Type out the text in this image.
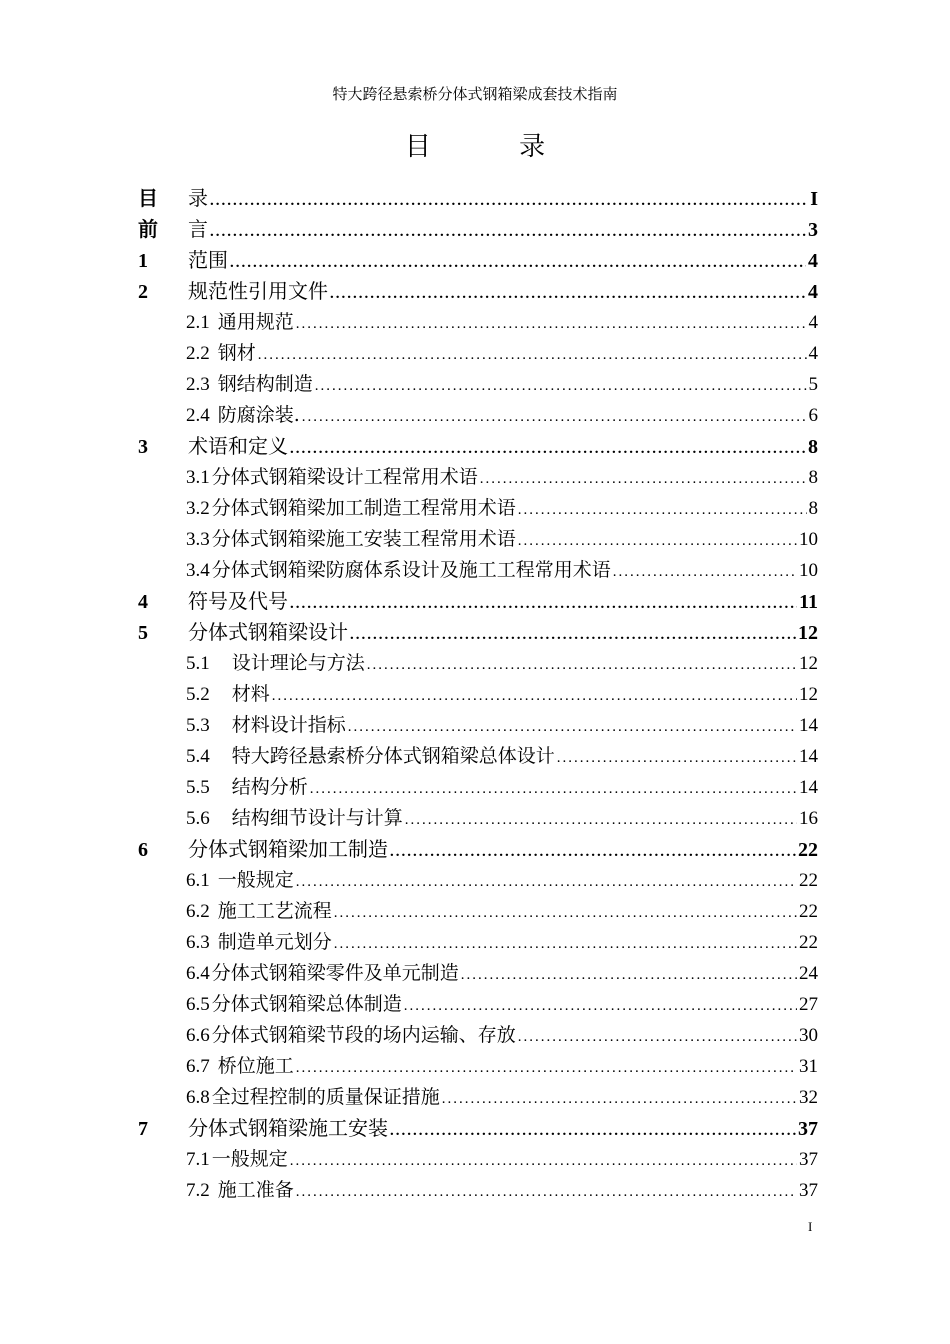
特大跨径悬索桥分体式钢箱梁成套技术指南
目 录
目	录 .....	I
前	言 .....	3
1	范围 .....	4
2	规范性引用文件 .....	4
2.1 通用规范 .....	4
2.2 钢材 .....	4
2.3 钢结构制造 .....	5
2.4 防腐涂装. .....	6
3	术语和定义 .....	8
3.1 分体式钢箱梁设计工程常用术语 .....	8
3.2 分体式钢箱梁加工制造工程常用术语 .....	8
3.3 分体式钢箱梁施工安装工程常用术语 .....	10
3.4 分体式钢箱梁防腐体系设计及施工工程常用术语 .....	10
4	符号及代号 .....	11
5	分体式钢箱梁设计 .....	12
5.1 设计理论与方法 .....	12
5.2 材料 .....	12
5.3 材料设计指标 .....	14
5.4 特大跨径悬索桥分体式钢箱梁总体设计 .....	14
5.5 结构分析 .....	14
5.6 结构细节设计与计算 .....	16
6	分体式钢箱梁加工制造 .....	22
6.1 一般规定 .....	22
6.2 施工工艺流程 .....	22
6.3 制造单元划分 .....	22
6.4 分体式钢箱梁零件及单元制造 .....	24
6.5 分体式钢箱梁总体制造 .....	27
6.6 分体式钢箱梁节段的场内运输、存放 .....	30
6.7 桥位施工 .....	31
6.8 全过程控制的质量保证措施 .....	32
7	分体式钢箱梁施工安装 .....	37
7.1 一般规定 .....	37
7.2 施工准备 .....	37
I
